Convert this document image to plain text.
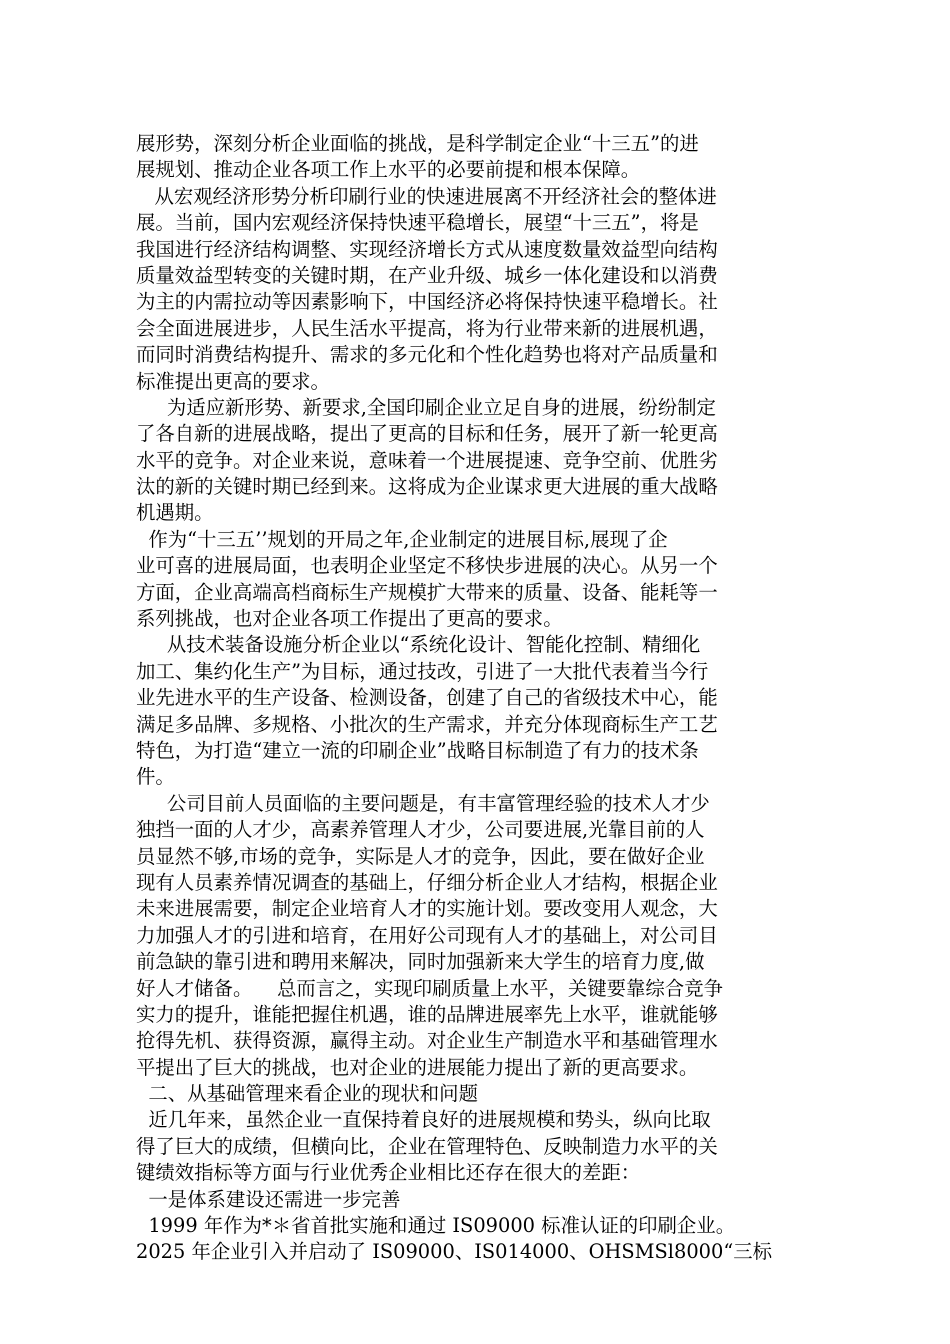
展形势，深刻分析企业面临的挑战，是科学制定企业“十三五”的进
展规划、推动企业各项工作上水平的必要前提和根本保障。
从宏观经济形势分析印刷行业的快速进展离不开经济社会的整体进
展。当前，国内宏观经济保持快速平稳增长，展望“十三五”，将是
我国进行经济结构调整、实现经济增长方式从速度数量效益型向结构
质量效益型转变的关键时期，在产业升级、城乡一体化建设和以消费
为主的内需拉动等因素影响下，中国经济必将保持快速平稳增长。社
会全面进展进步，人民生活水平提高，将为行业带来新的进展机遇，
而同时消费结构提升、需求的多元化和个性化趋势也将对产品质量和
标准提出更高的要求。
为适应新形势、新要求,全国印刷企业立足自身的进展，纷纷制定
了各自新的进展战略，提出了更高的目标和任务，展开了新一轮更高
水平的竞争。对企业来说，意味着一个进展提速、竞争空前、优胜劣
汰的新的关键时期已经到来。这将成为企业谋求更大进展的重大战略
机遇期。
作为“十三五’’规划的开局之年,企业制定的进展目标,展现了企
业可喜的进展局面，也表明企业坚定不移快步进展的决心。从另一个
方面，企业高端高档商标生产规模扩大带来的质量、设备、能耗等一
系列挑战，也对企业各项工作提出了更高的要求。
从技术装备设施分析企业以“系统化设计、智能化控制、精细化
加工、集约化生产”为目标，通过技改，引进了一大批代表着当今行
业先进水平的生产设备、检测设备，创建了自己的省级技术中心，能
满足多品牌、多规格、小批次的生产需求，并充分体现商标生产工艺
特色，为打造“建立一流的印刷企业”战略目标制造了有力的技术条
件。
公司目前人员面临的主要问题是，有丰富管理经验的技术人才少
独挡一面的人才少，高素养管理人才少，公司要进展,光靠目前的人
员显然不够,市场的竞争，实际是人才的竞争，因此，要在做好企业
现有人员素养情况调查的基础上，仔细分析企业人才结构，根据企业
未来进展需要，制定企业培育人才的实施计划。要改变用人观念，大
力加强人才的引进和培育，在用好公司现有人才的基础上，对公司目
前急缺的靠引进和聘用来解决，同时加强新来大学生的培育力度,做
好人才储备。    总而言之，实现印刷质量上水平，关键要靠综合竞争
实力的提升，谁能把握住机遇，谁的品牌进展率先上水平，谁就能够
抢得先机、获得资源，赢得主动。对企业生产制造水平和基础管理水
平提出了巨大的挑战，也对企业的进展能力提出了新的更高要求。
二、从基础管理来看企业的现状和问题
近几年来，虽然企业一直保持着良好的进展规模和势头，纵向比取
得了巨大的成绩，但横向比，企业在管理特色、反映制造力水平的关
键绩效指标等方面与行业优秀企业相比还存在很大的差距：
一是体系建设还需进一步完善
1999 年作为*＊省首批实施和通过 IS09000 标准认证的印刷企业。
2025 年企业引入并启动了 IS09000、IS014000、OHSMSl8000“三标
